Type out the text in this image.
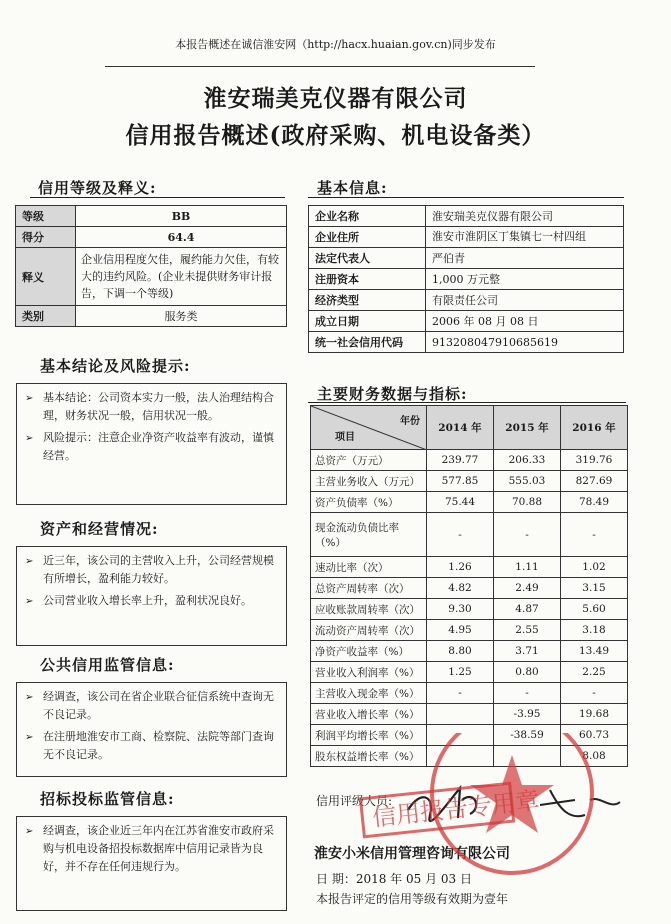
本报告概述在诚信淮安网（http://hacx.huaian.gov.cn)同步发布
淮安瑞美克仪器有限公司
信用报告概述(政府采购、机电设备类）
信用等级及释义:
等级	BB
得分	64.4
释义	企业信用程度欠佳，履约能力欠佳，有较大的违约风险。(企业未提供财务审计报告，下调一个等级)
类别	服务类
基本信息:
企业名称	淮安瑞美克仪器有限公司
企业住所	淮安市淮阴区丁集镇七一村四组
法定代表人	严伯青
注册资本	1,000 万元整
经济类型	有限责任公司
成立日期	2006 年 08 月 08 日
统一社会信用代码	913208047910685619
主要财务数据与指标:
年份
项目	2014 年	2015 年	2016 年
总资产（万元）	239.77	206.33	319.76
主营业务收入（万元）	577.85	555.03	827.69
资产负债率（%）	75.44	70.88	78.49
现金流动负债比率（%）	-	-	-
速动比率（次）	1.26	1.11	1.02
总资产周转率（次）	4.82	2.49	3.15
应收账款周转率（次）	9.30	4.87	5.60
流动资产周转率（次）	4.95	2.55	3.18
净资产收益率（%）	8.80	3.71	13.49
营业收入利润率（%）	1.25	0.80	2.25
主营收入现金率（%）	-	-	-
营业收入增长率（%）		-3.95	19.68
利润平均增长率（%）		-38.59	60.73
股东权益增长率（%）			8.08
基本结论及风险提示:
➢ 基本结论：公司资本实力一般，法人治理结构合理，财务状况一般，信用状况一般。
➢ 风险提示：注意企业净资产收益率有波动，谨慎经营。
资产和经营情况:
➢ 近三年，该公司的主营收入上升，公司经营规模有所增长，盈利能力较好。
➢ 公司营业收入增长率上升，盈利状况良好。
公共信用监管信息:
➢ 经调查，该公司在省企业联合征信系统中查询无不良记录。
➢ 在注册地淮安市工商、检察院、法院等部门查询无不良记录。
招标投标监管信息:
➢ 经调查，该企业近三年内在江苏省淮安市政府采购与机电设备招投标数据库中信用记录皆为良好，并不存在任何违规行为。
信用评级人员:
淮安小米信用管理咨询有限公司
日 期：2018 年 05 月 03 日
本报告评定的信用等级有效期为壹年
信用报告专用章
